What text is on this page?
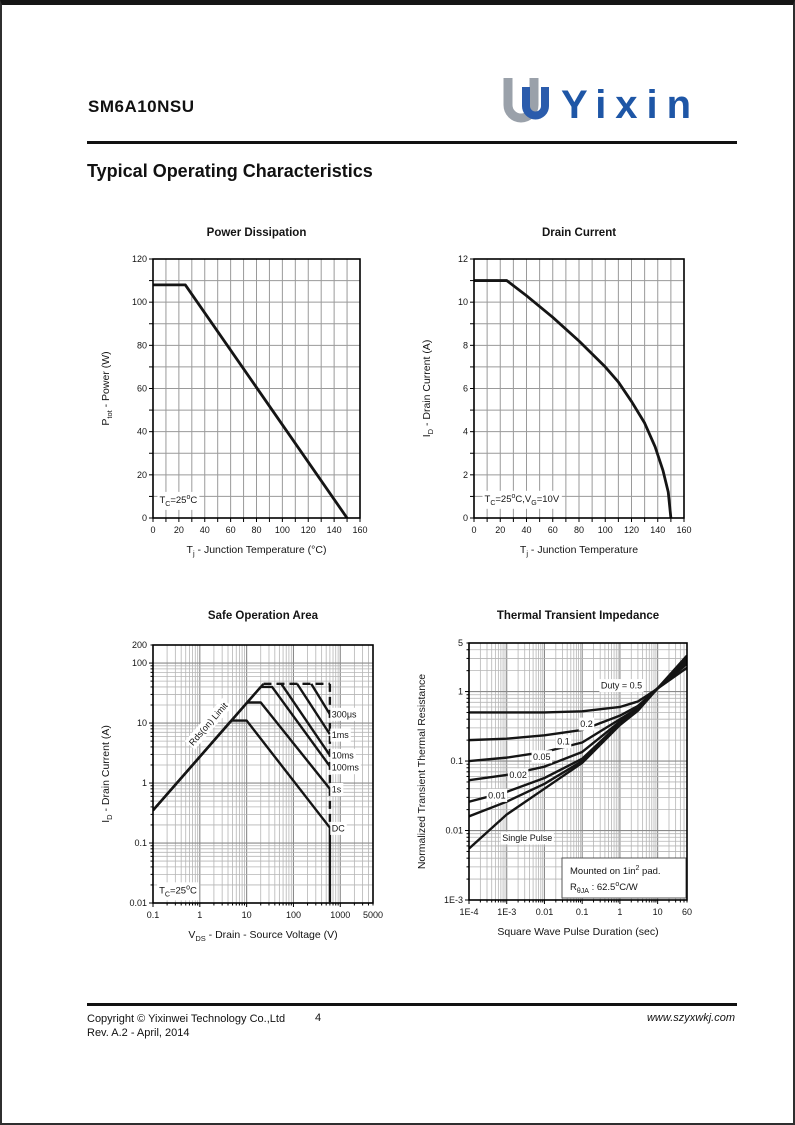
SM6A10NSU	Yixin
Typical Operating Characteristics
$T_C=25^oC$
0 20 40 60 80 100 120 140 160
0
20
40
60
80
100
120
Power Dissipation
$T_j$ - Junction Temperature (°C)
$P_{tot}$ - Power (W)
$T_C=25^oC,V_G=10V$
0 20 40 60 80 100 120 140 160
0
2
4
6
8
10
12
Drain Current
$T_j$ - Junction Temperature
$I_D$ - Drain Current (A)
300μs
1ms
10ms
100ms
1s
DC
Rds(on) Limit
$T_C=25^oC$
0.1	1	10	100	1000 5000
0.01
0.1
1
10
100
200
Safe Operation Area
$V_{DS}$ - Drain - Source Voltage (V)
$I_D$ - Drain Current (A)
Mounted on $1in^2$ pad.
$R_{\theta JA}$ : 62.5$^o$C/W
Duty = 0.5
0.2
0.1
0.05
0.02
0.01
Single Pulse
1E-4 1E-3 0.01	0.1	1	10 60
1E-3
0.01
0.1
1
5
Thermal Transient Impedance
Square Wave Pulse Duration (sec)
Normalized Transient Thermal Resistance
Copyright © Yixinwei Technology Co.,Ltd
Rev. A.2 - April, 2014
4	www.szyxwkj.com
